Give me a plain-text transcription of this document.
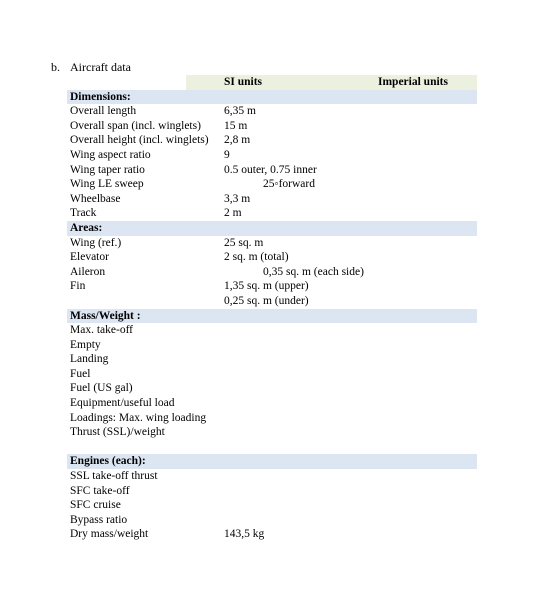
b. Aircraft data
SI units	Imperial units
Dimensions:
Overall length	6,35 m
Overall span (incl. winglets) 15 m
Overall height (incl. winglets) 2,8 m
Wing aspect ratio	9
Wing taper ratio	0.5 outer, 0.75 inner
Wing LE sweep	25◦forward
Wheelbase	3,3 m
Track	2 m
Areas:
Wing (ref.)	25 sq. m
Elevator	2 sq. m (total)
Aileron	0,35 sq. m (each side)
Fin	1,35 sq. m (upper)
0,25 sq. m (under)
Mass/Weight :
Max. take-off
Empty
Landing
Fuel
Fuel (US gal)
Equipment/useful load
Loadings: Max. wing loading
Thrust (SSL)/weight
Engines (each):
SSL take-off thrust
SFC take-off
SFC cruise
Bypass ratio
Dry mass/weight	143,5 kg
